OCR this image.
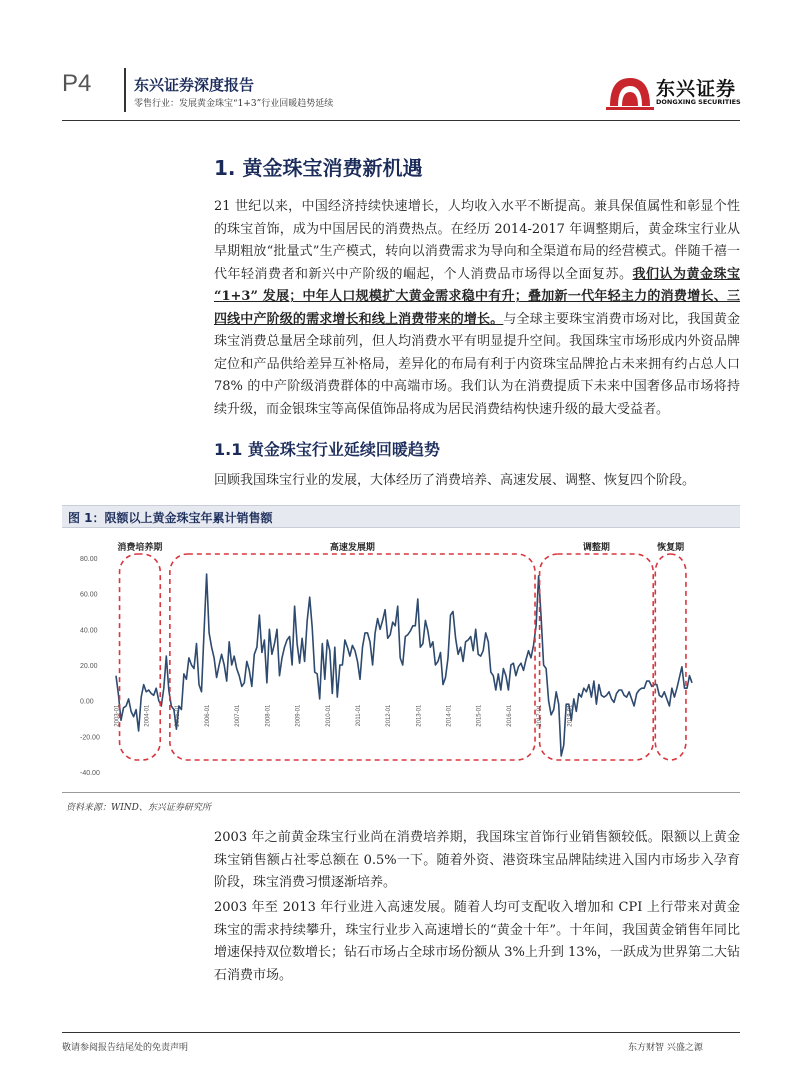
P4	东兴证券深度报告
零售行业：发展黄金珠宝“1+3”行业回暖趋势延续
东兴证券
DONGXING SECURITIES
1. 黄金珠宝消费新机遇
21 世纪以来，中国经济持续快速增长，人均收入水平不断提高。兼具保值属性和彰显个性的珠宝首饰，成为中国居民的消费热点。在经历 2014-2017 年调整期后，黄金珠宝行业从早期粗放“批量式”生产模式，转向以消费需求为导向和全渠道布局的经营模式。伴随千禧一代年轻消费者和新兴中产阶级的崛起，个人消费品市场得以全面复苏。我们认为黄金珠宝 “1+3” 发展；中年人口规模扩大黄金需求稳中有升；叠加新一代年轻主力的消费增长、三四线中产阶级的需求增长和线上消费带来的增长。与全球主要珠宝消费市场对比，我国黄金珠宝消费总量居全球前列，但人均消费水平有明显提升空间。我国珠宝市场形成内外资品牌定位和产品供给差异互补格局，差异化的布局有利于内资珠宝品牌抢占未来拥有约占总人口 78% 的中产阶级消费群体的中高端市场。我们认为在消费提质下未来中国奢侈品市场将持续升级，而金银珠宝等高保值饰品将成为居民消费结构快速升级的最大受益者。
1.1 黄金珠宝行业延续回暖趋势
回顾我国珠宝行业的发展，大体经历了消费培养、高速发展、调整、恢复四个阶段。
图 1：限额以上黄金珠宝年累计销售额
80.00
60.00
40.00
20.00
0.00
-20.00
-40.00
2003-01	2004-01	2005-01	2006-01	2007-01	2008-01	2009-01	2010-01	2011-01	2012-01	2013-01	2014-01	2015-01	2016-01	2017-01	2018-01
消费培养期	高速发展期	调整期	恢复期
资料来源：WIND、东兴证券研究所
2003 年之前黄金珠宝行业尚在消费培养期，我国珠宝首饰行业销售额较低。限额以上黄金珠宝销售额占社零总额在 0.5%一下。随着外资、港资珠宝品牌陆续进入国内市场步入孕育阶段，珠宝消费习惯逐渐培养。
2003 年至 2013 年行业进入高速发展。随着人均可支配收入增加和 CPI 上行带来对黄金珠宝的需求持续攀升，珠宝行业步入高速增长的“黄金十年”。十年间，我国黄金销售年同比增速保持双位数增长；钻石市场占全球市场份额从 3%上升到 13%，一跃成为世界第二大钻石消费市场。
敬请参阅报告结尾处的免责声明	东方财智 兴盛之源
